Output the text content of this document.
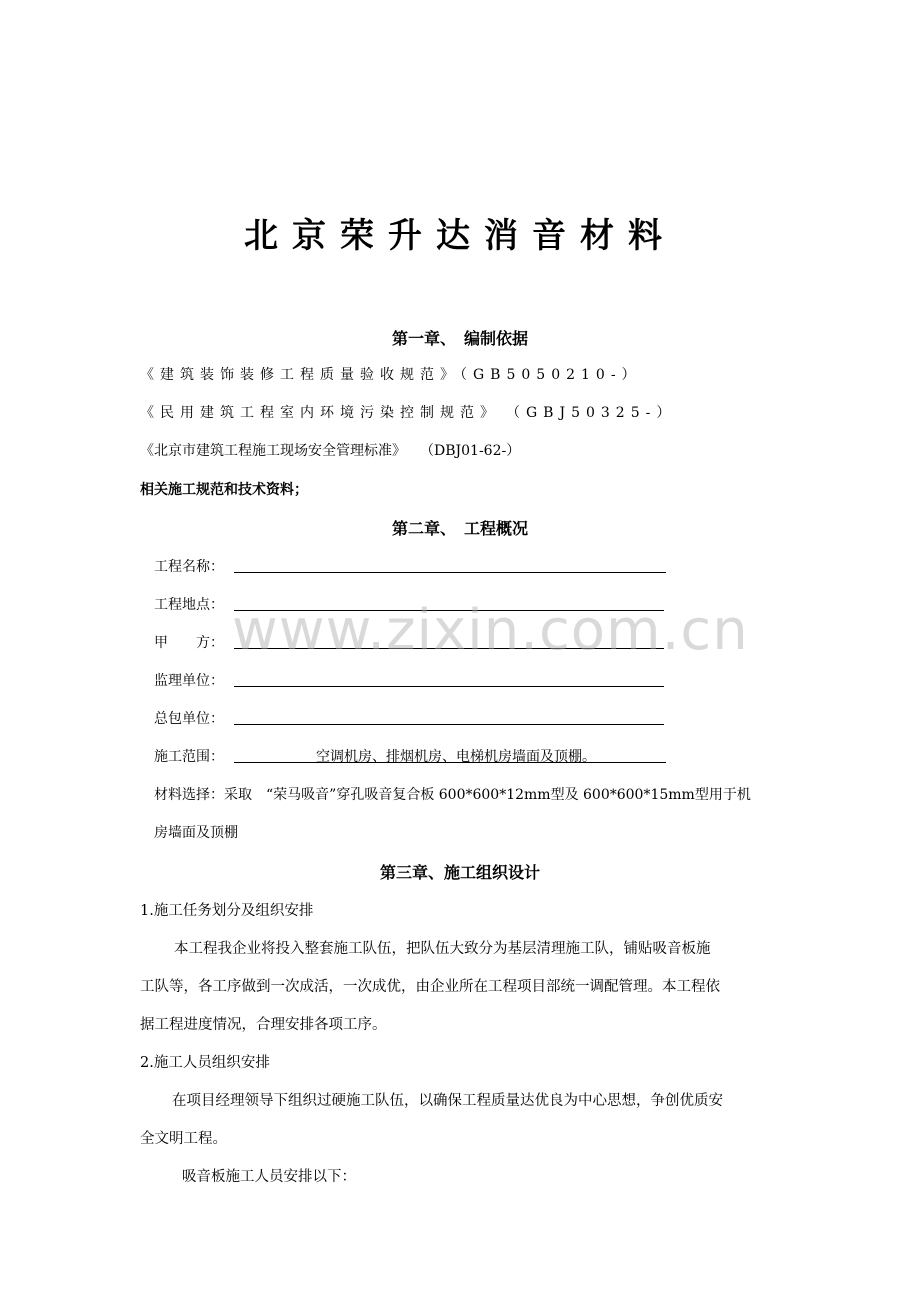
北京荣升达消音材料
第一章、　编制依据
《建筑装饰装修工程质量验收规范》（GB5050210-）
《民用建筑工程室内环境污染控制规范》　（GBJ50325-）
《北京市建筑工程施工现场安全管理标准》　　（DBJ01-62-）
相关施工规范和技术资料；
第二章、　工程概况
工程名称：
工程地点：
甲　　方：
监理单位：
总包单位：
施工范围：	空调机房、排烟机房、电梯机房墙面及顶棚。
材料选择：采取　“荣马吸音”穿孔吸音复合板 600*600*12mm型及 600*600*15mm型用于机
房墙面及顶棚
第三章、施工组织设计
1.施工任务划分及组织安排
本工程我企业将投入整套施工队伍，把队伍大致分为基层清理施工队，铺贴吸音板施
工队等，各工序做到一次成活，一次成优，由企业所在工程项目部统一调配管理。本工程依
据工程进度情况，合理安排各项工序。
2.施工人员组织安排
在项目经理领导下组织过硬施工队伍，以确保工程质量达优良为中心思想，争创优质安
全文明工程。
吸音板施工人员安排以下：
www.zixin.com.cn
